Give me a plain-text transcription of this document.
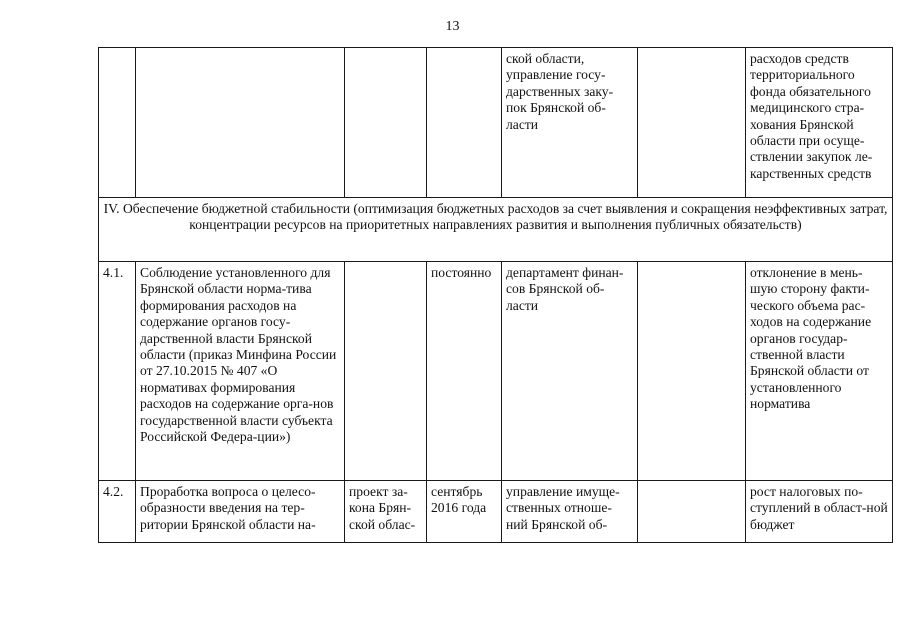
13
				ской области, управление госу-дарственных заку-пок Брянской об-ласти		расходов средств территориального фонда обязательного медицинского стра-хования Брянской области при осуще-ствлении закупок ле-карственных средств
IV. Обеспечение бюджетной стабильности (оптимизация бюджетных расходов за счет выявления и сокращения неэффективных затрат, концентрации ресурсов на приоритетных направлениях развития и выполнения публичных обязательств)						
4.1.	Соблюдение установленного для Брянской области норма-тива формирования расходов на содержание органов госу-дарственной власти Брянской области (приказ Минфина России от 27.10.2015 № 407 «О нормативах формирования расходов на содержание орга-нов государственной власти субъекта Российской Федера-ции»)		постоянно	департамент финан-сов Брянской об-ласти		отклонение в мень-шую сторону факти-ческого объема рас-ходов на содержание органов государ-ственной власти Брянской области от установленного норматива
4.2.	Проработка вопроса о целесо-образности введения на тер-ритории Брянской области на-	проект за-кона Брян-ской облас-	сентябрь 2016 года	управление имуще-ственных отноше-ний Брянской об-		рост налоговых по-ступлений в област-ной бюджет
